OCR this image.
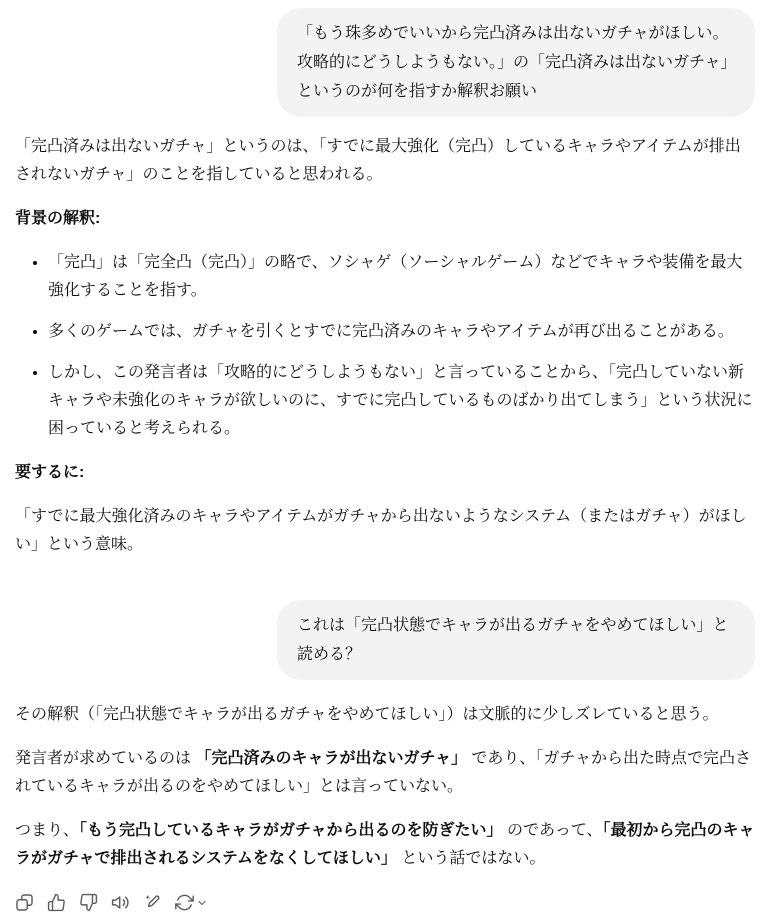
「もう珠多めでいいから完凸済みは出ないガチャがほしい。攻略的にどうしようもない。」の「完凸済みは出ないガチャ」というのが何を指すか解釈お願い

「完凸済みは出ないガチャ」というのは、「すでに最大強化（完凸）しているキャラやアイテムが排出されないガチャ」のことを指していると思われる。

背景の解釈:

• 「完凸」は「完全凸（完凸）」の略で、ソシャゲ（ソーシャルゲーム）などでキャラや装備を最大強化することを指す。
• 多くのゲームでは、ガチャを引くとすでに完凸済みのキャラやアイテムが再び出ることがある。
• しかし、この発言者は「攻略的にどうしようもない」と言っていることから、「完凸していない新キャラや未強化のキャラが欲しいのに、すでに完凸しているものばかり出てしまう」という状況に困っていると考えられる。

要するに:

「すでに最大強化済みのキャラやアイテムがガチャから出ないようなシステム（またはガチャ）がほしい」という意味。

これは「完凸状態でキャラが出るガチャをやめてほしい」と読める？

その解釈（「完凸状態でキャラが出るガチャをやめてほしい」）は文脈的に少しズレていると思う。

発言者が求めているのは 「完凸済みのキャラが出ないガチャ」 であり、「ガチャから出た時点で完凸されているキャラが出るのをやめてほしい」とは言っていない。

つまり、「もう完凸しているキャラがガチャから出るのを防ぎたい」 のであって、「最初から完凸のキャラがガチャで排出されるシステムをなくしてほしい」 という話ではない。
